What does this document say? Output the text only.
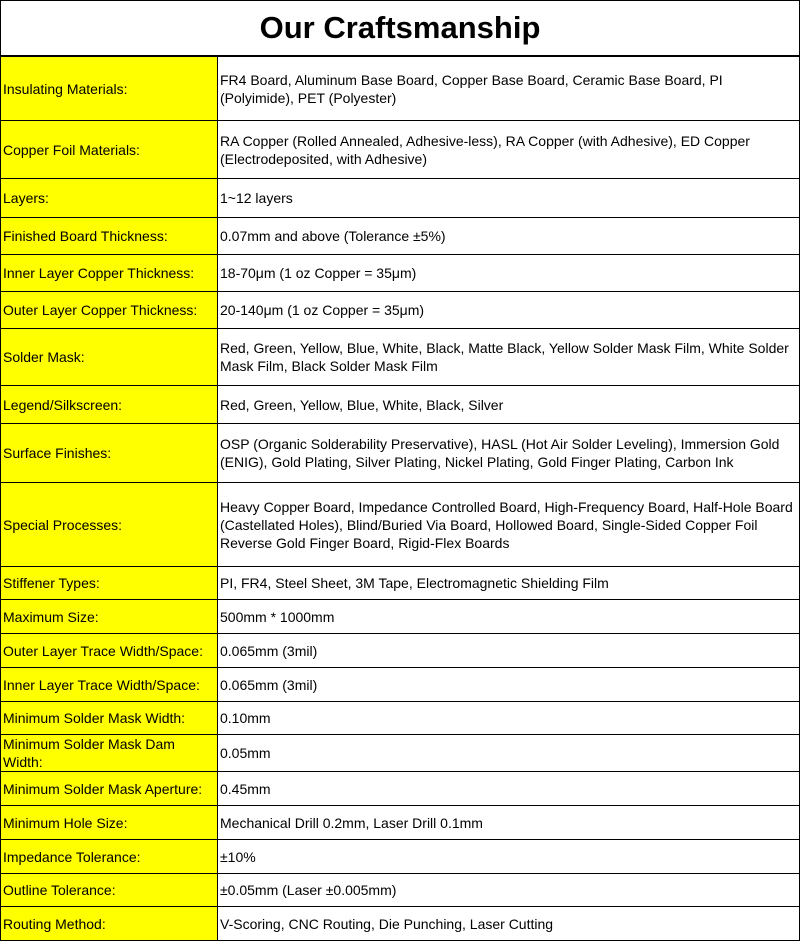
Our Craftsmanship
Insulating Materials:	FR4 Board, Aluminum Base Board, Copper Base Board, Ceramic Base Board, PI (Polyimide), PET (Polyester)
Copper Foil Materials:	RA Copper (Rolled Annealed, Adhesive-less), RA Copper (with Adhesive), ED Copper (Electrodeposited, with Adhesive)
Layers:	1~12 layers
Finished Board Thickness:	0.07mm and above (Tolerance ±5%)
Inner Layer Copper Thickness:	18-70μm (1 oz Copper = 35μm)
Outer Layer Copper Thickness:	20-140μm (1 oz Copper = 35μm)
Solder Mask:	Red, Green, Yellow, Blue, White, Black, Matte Black, Yellow Solder Mask Film, White Solder Mask Film, Black Solder Mask Film
Legend/Silkscreen:	Red, Green, Yellow, Blue, White, Black, Silver
Surface Finishes:	OSP (Organic Solderability Preservative), HASL (Hot Air Solder Leveling), Immersion Gold (ENIG), Gold Plating, Silver Plating, Nickel Plating, Gold Finger Plating, Carbon Ink
Special Processes:	Heavy Copper Board, Impedance Controlled Board, High-Frequency Board, Half-Hole Board (Castellated Holes), Blind/Buried Via Board, Hollowed Board, Single-Sided Copper Foil Reverse Gold Finger Board, Rigid-Flex Boards
Stiffener Types:	PI, FR4, Steel Sheet, 3M Tape, Electromagnetic Shielding Film
Maximum Size:	500mm * 1000mm
Outer Layer Trace Width/Space:	0.065mm (3mil)
Inner Layer Trace Width/Space:	0.065mm (3mil)
Minimum Solder Mask Width:	0.10mm
Minimum Solder Mask Dam Width:	0.05mm
Minimum Solder Mask Aperture:	0.45mm
Minimum Hole Size:	Mechanical Drill 0.2mm, Laser Drill 0.1mm
Impedance Tolerance:	±10%
Outline Tolerance:	±0.05mm (Laser ±0.005mm)
Routing Method:	V-Scoring, CNC Routing, Die Punching, Laser Cutting
